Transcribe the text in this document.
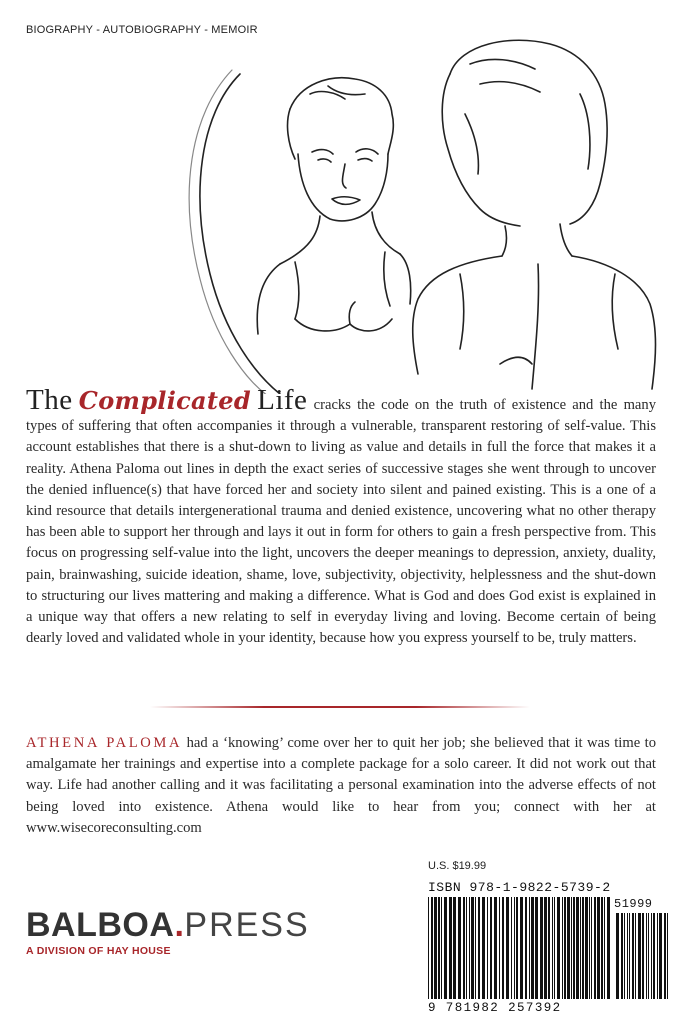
BIOGRAPHY - AUTOBIOGRAPHY - MEMOIR
The Complicated Life cracks the code on the truth of existence and the many types of suffering that often accompanies it through a vulnerable, transparent restoring of self-value. This account establishes that there is a shut-down to living as value and details in full the force that makes it a reality. Athena Paloma out lines in depth the exact series of successive stages she went through to uncover the denied influence(s) that have forced her and society into silent and pained existing. This is a one of a kind resource that details intergenerational trauma and denied existence, uncovering what no other therapy has been able to support her through and lays it out in form for others to gain a fresh perspective from. This focus on progressing self-value into the light, uncovers the deeper meanings to depression, anxiety, duality, pain, brainwashing, suicide ideation, shame, love, subjectivity, objectivity, helplessness and the shut-down to structuring our lives mattering and making a difference. What is God and does God exist is explained in a unique way that offers a new relating to self in everyday living and loving. Become certain of being dearly loved and validated whole in your identity, because how you express yourself to be, truly matters.
ATHENA PALOMA had a ‘knowing’ come over her to quit her job; she believed that it was time to amalgamate her trainings and expertise into a complete package for a solo career. It did not work out that way. Life had another calling and it was facilitating a personal examination into the adverse effects of not being loved into existence. Athena would like to hear from you; connect with her at www.wisecoreconsulting.com
BALBOA.PRESS
A DIVISION OF HAY HOUSE
U.S. $19.99
ISBN 978-1-9822-5739-2
51999
9 781982 257392
